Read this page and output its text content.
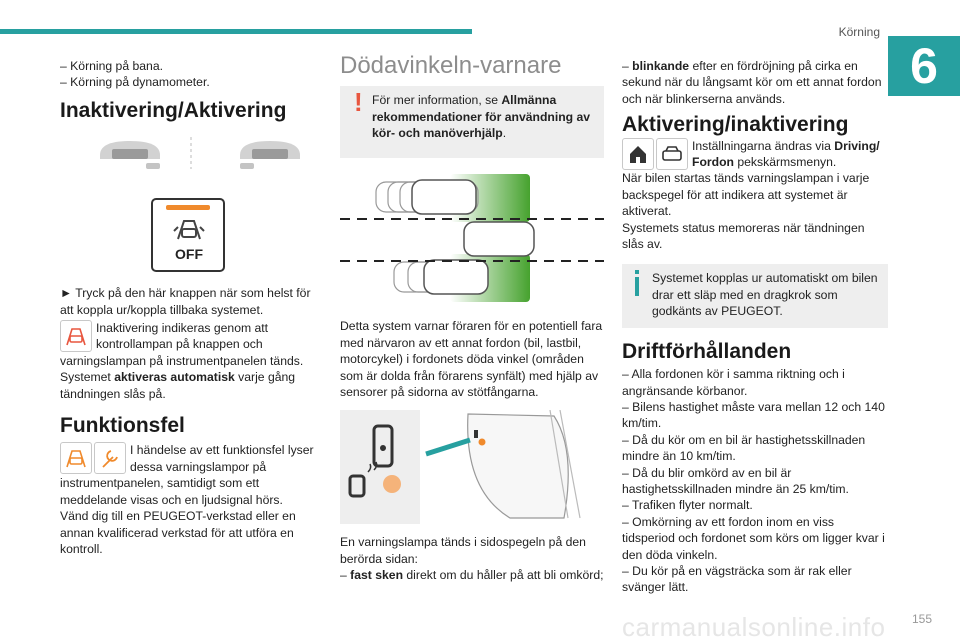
Körning
6

– Körning på bana.

– Körning på dynamometer.

Inaktivering/Aktivering
OFF

► Tryck på den här knappen när som helst för att koppla ur/koppla tillbaka systemet.

Inaktivering indikeras genom att kontrollampan på knappen och varningslampan på instrumentpanelen tänds.

Systemet aktiveras automatisk varje gång tändningen slås på.

Funktionsfel

I händelse av ett funktionsfel lyser dessa varningslampor på instrumentpanelen, samtidigt som ett meddelande visas och en ljudsignal hörs.

Vänd dig till en PEUGEOT-verkstad eller en annan kvalificerad verkstad för att utföra en kontroll.

Dödavinkeln-varnare
! För mer information, se Allmänna rekommendationer för användning av kör- och manöverhjälp.

Detta system varnar föraren för en potentiell fara med närvaron av ett annat fordon (bil, lastbil, motorcykel) i fordonets döda vinkel (områden som är dolda från förarens synfält) med hjälp av sensorer på sidorna av stötfångarna.

En varningslampa tänds i sidospegeln på den berörda sidan:

– fast sken direkt om du håller på att bli omkörd;

– blinkande efter en fördröjning på cirka en sekund när du långsamt kör om ett annat fordon och när blinkerserna används.

Aktivering/inaktivering

Inställningarna ändras via Driving/ Fordon pekskärmsmenyn.

När bilen startas tänds varningslampan i varje backspegel för att indikera att systemet är aktiverat.

Systemets status memoreras när tändningen slås av.

Systemet kopplas ur automatiskt om bilen drar ett släp med en dragkrok som godkänts av PEUGEOT.

Driftförhållanden

– Alla fordonen kör i samma riktning och i angränsande körbanor.

– Bilens hastighet måste vara mellan 12 och 140 km/tim.

– Då du kör om en bil är hastighetsskillnaden mindre än 10 km/tim.

– Då du blir omkörd av en bil är hastighetsskillnaden mindre än 25 km/tim.

– Trafiken flyter normalt.

– Omkörning av ett fordon inom en viss tidsperiod och fordonet som körs om ligger kvar i den döda vinkeln.

– Du kör på en vägsträcka som är rak eller svänger lätt.

carmanualsonline.info 155
